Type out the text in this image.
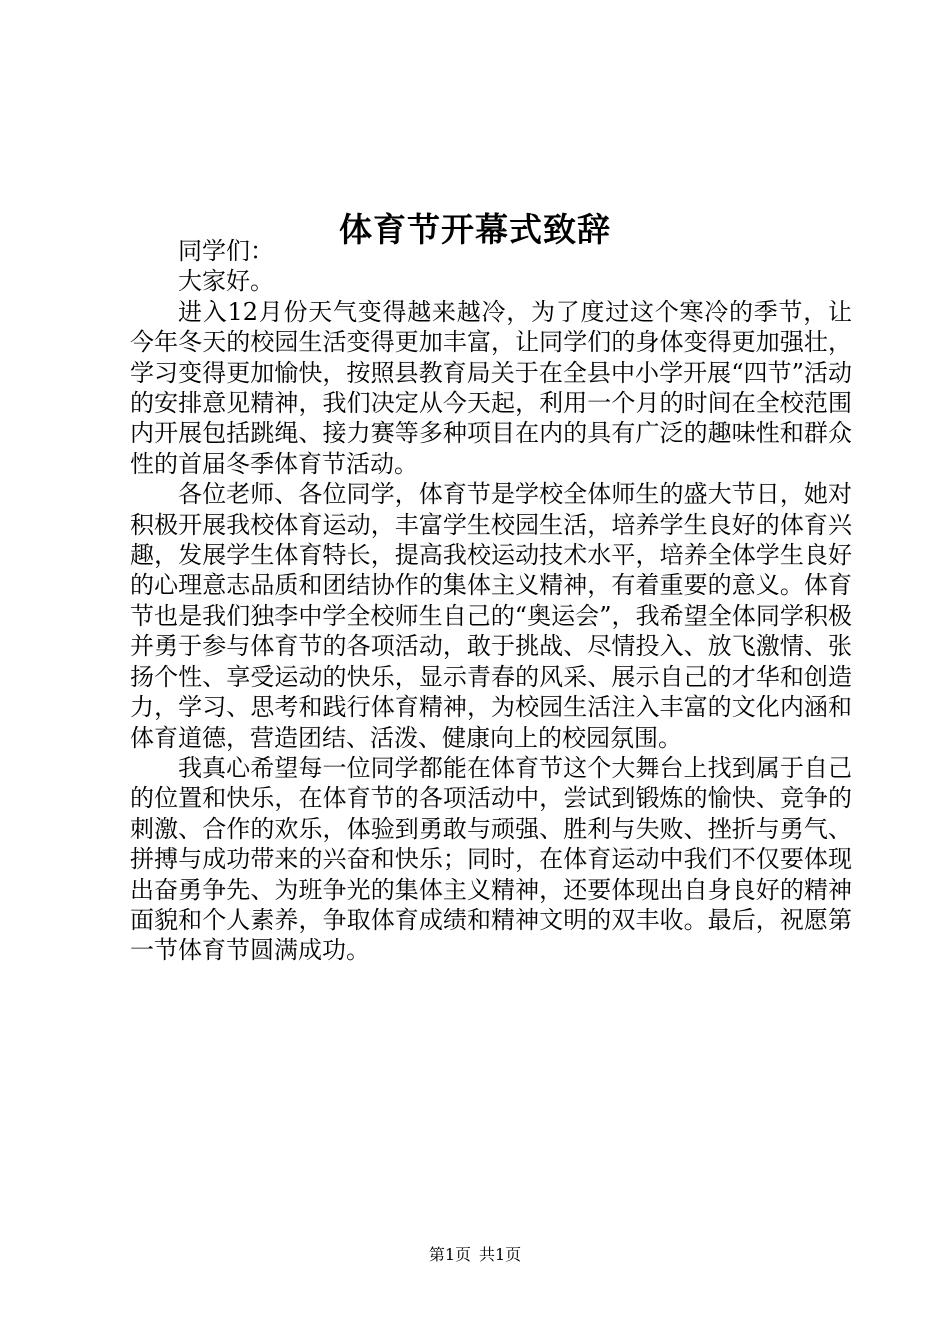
体育节开幕式致辞

同学们：

大家好。

进入12月份天气变得越来越冷，为了度过这个寒冷的季节，让今年冬天的校园生活变得更加丰富，让同学们的身体变得更加强壮，学习变得更加愉快，按照县教育局关于在全县中小学开展“四节”活动的安排意见精神，我们决定从今天起，利用一个月的时间在全校范围内开展包括跳绳、接力赛等多种项目在内的具有广泛的趣味性和群众性的首届冬季体育节活动。

各位老师、各位同学，体育节是学校全体师生的盛大节日，她对积极开展我校体育运动，丰富学生校园生活，培养学生良好的体育兴趣，发展学生体育特长，提高我校运动技术水平，培养全体学生良好的心理意志品质和团结协作的集体主义精神，有着重要的意义。体育节也是我们独李中学全校师生自己的“奥运会”，我希望全体同学积极并勇于参与体育节的各项活动，敢于挑战、尽情投入、放飞激情、张扬个性、享受运动的快乐，显示青春的风采、展示自己的才华和创造力，学习、思考和践行体育精神，为校园生活注入丰富的文化内涵和体育道德，营造团结、活泼、健康向上的校园氛围。

我真心希望每一位同学都能在体育节这个大舞台上找到属于自己的位置和快乐，在体育节的各项活动中，尝试到锻炼的愉快、竞争的刺激、合作的欢乐，体验到勇敢与顽强、胜利与失败、挫折与勇气、拼搏与成功带来的兴奋和快乐；同时，在体育运动中我们不仅要体现出奋勇争先、为班争光的集体主义精神，还要体现出自身良好的精神面貌和个人素养，争取体育成绩和精神文明的双丰收。最后，祝愿第一节体育节圆满成功。

第1页 共1页
